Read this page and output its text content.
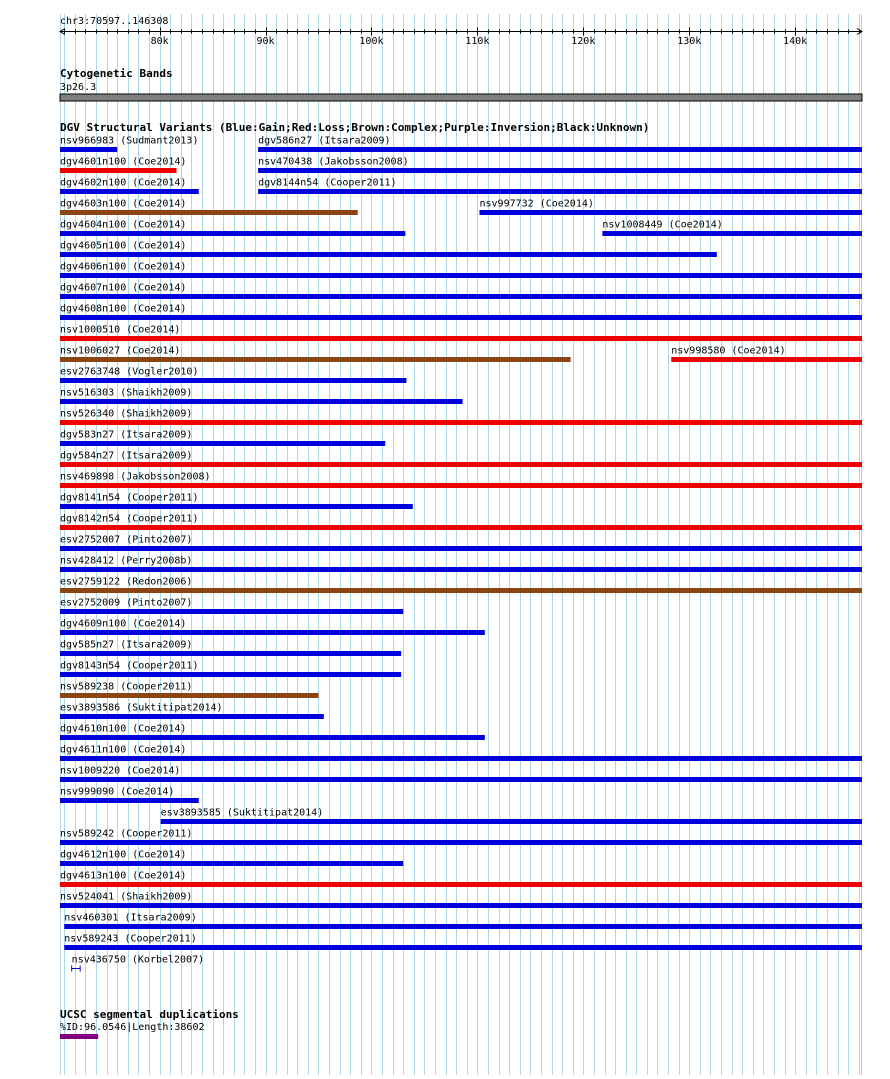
chr3:70597..146308
80k	90k	100k	110k	120k	130k	140k
Cytogenetic Bands
3p26.3
DGV Structural Variants (Blue:Gain;Red:Loss;Brown:Complex;Purple:Inversion;Black:Unknown)
nsv966983 (Sudmant2013)	dgv586n27 (Itsara2009)
dgv4601n100 (Coe2014)	nsv470438 (Jakobsson2008)
dgv4602n100 (Coe2014)	dgv8144n54 (Cooper2011)
dgv4603n100 (Coe2014)	nsv997732 (Coe2014)
dgv4604n100 (Coe2014)	nsv1008449 (Coe2014)
dgv4605n100 (Coe2014)
dgv4606n100 (Coe2014)
dgv4607n100 (Coe2014)
dgv4608n100 (Coe2014)
nsv1000510 (Coe2014)
nsv1006027 (Coe2014)	nsv998580 (Coe2014)
esv2763748 (Vogler2010)
nsv516303 (Shaikh2009)
nsv526340 (Shaikh2009)
dgv583n27 (Itsara2009)
dgv584n27 (Itsara2009)
nsv469898 (Jakobsson2008)
dgv8141n54 (Cooper2011)
dgv8142n54 (Cooper2011)
esv2752007 (Pinto2007)
nsv428412 (Perry2008b)
esv2759122 (Redon2006)
esv2752009 (Pinto2007)
dgv4609n100 (Coe2014)
dgv585n27 (Itsara2009)
dgv8143n54 (Cooper2011)
nsv589238 (Cooper2011)
esv3893586 (Suktitipat2014)
dgv4610n100 (Coe2014)
dgv4611n100 (Coe2014)
nsv1009220 (Coe2014)
nsv999090 (Coe2014)
esv3893585 (Suktitipat2014)
nsv589242 (Cooper2011)
dgv4612n100 (Coe2014)
dgv4613n100 (Coe2014)
nsv524041 (Shaikh2009)
nsv460301 (Itsara2009)
nsv589243 (Cooper2011)
nsv436750 (Korbel2007)
UCSC segmental duplications
%ID:96.0546|Length:38602
